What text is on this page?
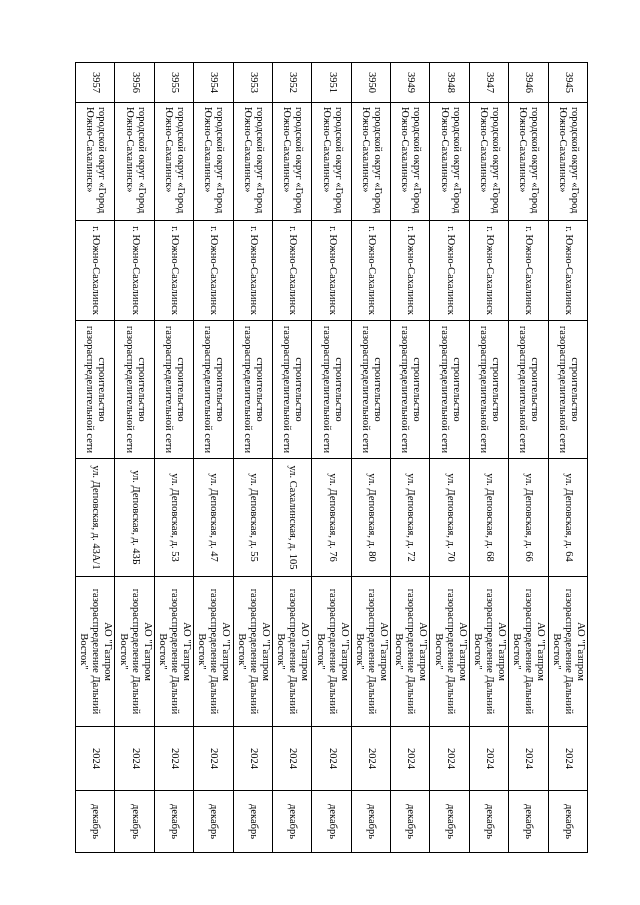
3945	городской округ «Город Южно-Сахалинск»	г. Южно-Сахалинск	строительство газораспределительной сети	ул. Деповская, д. 64	АО "Газпром газораспределение Дальний Восток"	2024	декабрь
3946	городской округ «Город Южно-Сахалинск»	г. Южно-Сахалинск	строительство газораспределительной сети	ул. Деповская, д. 66	АО "Газпром газораспределение Дальний Восток"	2024	декабрь
3947	городской округ «Город Южно-Сахалинск»	г. Южно-Сахалинск	строительство газораспределительной сети	ул. Деповская, д. 68	АО "Газпром газораспределение Дальний Восток"	2024	декабрь
3948	городской округ «Город Южно-Сахалинск»	г. Южно-Сахалинск	строительство газораспределительной сети	ул. Деповская, д. 70	АО "Газпром газораспределение Дальний Восток"	2024	декабрь
3949	городской округ «Город Южно-Сахалинск»	г. Южно-Сахалинск	строительство газораспределительной сети	ул. Деповская, д. 72	АО "Газпром газораспределение Дальний Восток"	2024	декабрь
3950	городской округ «Город Южно-Сахалинск»	г. Южно-Сахалинск	строительство газораспределительной сети	ул. Деповская, д. 80	АО "Газпром газораспределение Дальний Восток"	2024	декабрь
3951	городской округ «Город Южно-Сахалинск»	г. Южно-Сахалинск	строительство газораспределительной сети	ул. Деповская, д. 76	АО "Газпром газораспределение Дальний Восток"	2024	декабрь
3952	городской округ «Город Южно-Сахалинск»	г. Южно-Сахалинск	строительство газораспределительной сети	ул. Сахалинская, д. 105	АО "Газпром газораспределение Дальний Восток"	2024	декабрь
3953	городской округ «Город Южно-Сахалинск»	г. Южно-Сахалинск	строительство газораспределительной сети	ул. Деповская, д. 55	АО "Газпром газораспределение Дальний Восток"	2024	декабрь
3954	городской округ «Город Южно-Сахалинск»	г. Южно-Сахалинск	строительство газораспределительной сети	ул. Деповская, д. 47	АО "Газпром газораспределение Дальний Восток"	2024	декабрь
3955	городской округ «Город Южно-Сахалинск»	г. Южно-Сахалинск	строительство газораспределительной сети	ул. Деповская, д. 53	АО "Газпром газораспределение Дальний Восток"	2024	декабрь
3956	городской округ «Город Южно-Сахалинск»	г. Южно-Сахалинск	строительство газораспределительной сети	ул. Деповская, д. 43Б	АО "Газпром газораспределение Дальний Восток"	2024	декабрь
3957	городской округ «Город Южно-Сахалинск»	г. Южно-Сахалинск	строительство газораспределительной сети	ул. Деповская, д. 43А/1	АО "Газпром газораспределение Дальний Восток"	2024	декабрь
